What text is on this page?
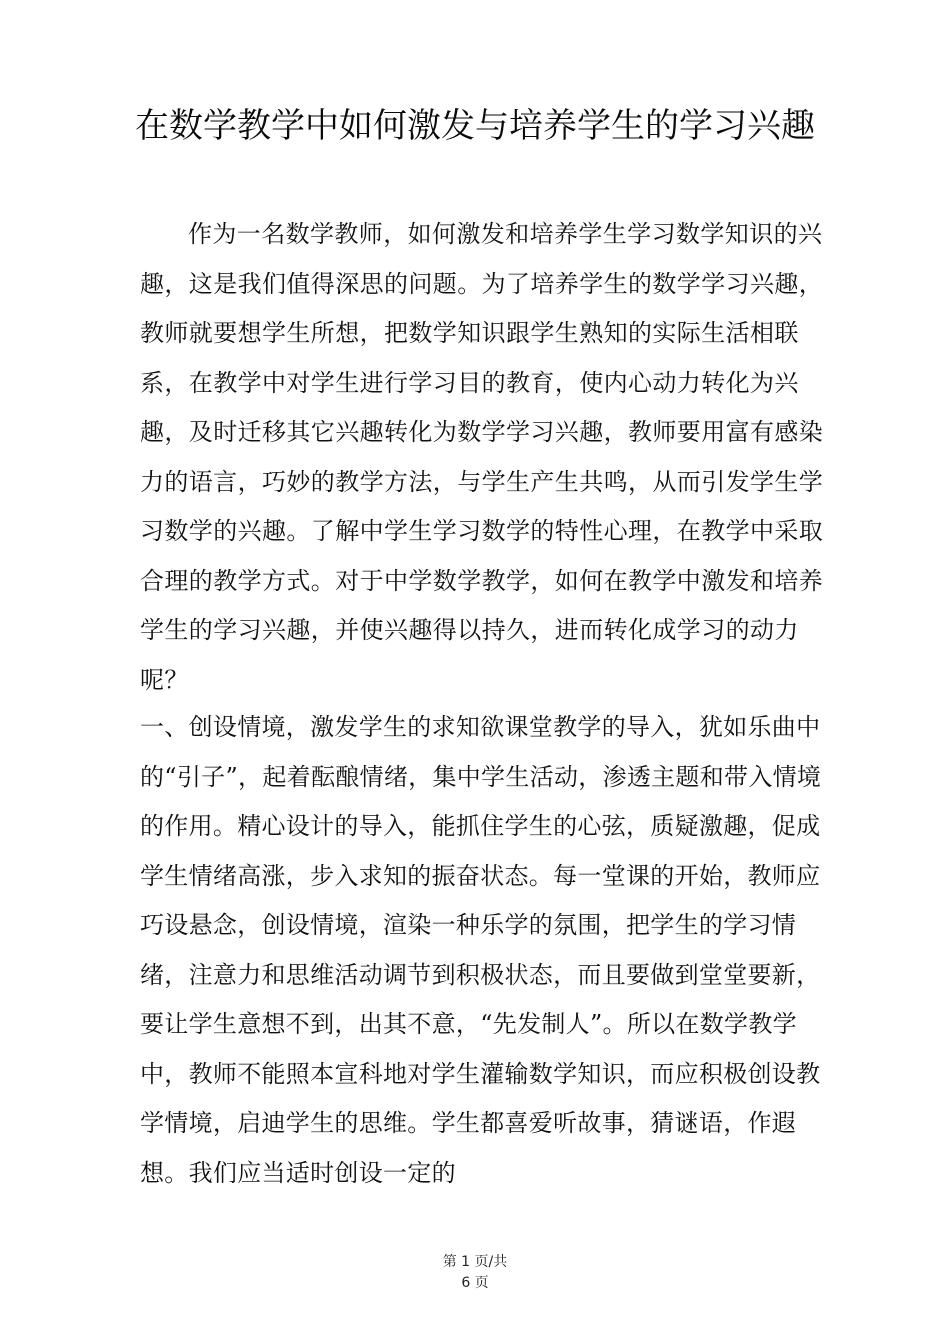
在数学教学中如何激发与培养学生的学习兴趣

作为一名数学教师，如何激发和培养学生学习数学知识的兴趣，这是我们值得深思的问题。为了培养学生的数学学习兴趣，教师就要想学生所想，把数学知识跟学生熟知的实际生活相联系，在教学中对学生进行学习目的教育，使内心动力转化为兴趣，及时迁移其它兴趣转化为数学学习兴趣，教师要用富有感染力的语言，巧妙的教学方法，与学生产生共鸣，从而引发学生学习数学的兴趣。了解中学生学习数学的特性心理，在教学中采取合理的教学方式。对于中学数学教学，如何在教学中激发和培养学生的学习兴趣，并使兴趣得以持久，进而转化成学习的动力呢？

一、创设情境，激发学生的求知欲课堂教学的导入，犹如乐曲中的“引子”，起着酝酿情绪，集中学生活动，渗透主题和带入情境的作用。精心设计的导入，能抓住学生的心弦，质疑激趣，促成学生情绪高涨，步入求知的振奋状态。每一堂课的开始，教师应巧设悬念，创设情境，渲染一种乐学的氛围，把学生的学习情绪，注意力和思维活动调节到积极状态，而且要做到堂堂要新，要让学生意想不到，出其不意，“先发制人”。所以在数学教学中，教师不能照本宣科地对学生灌输数学知识，而应积极创设教学情境，启迪学生的思维。学生都喜爱听故事，猜谜语，作遐想。我们应当适时创设一定的

第 1 页/共
6 页
